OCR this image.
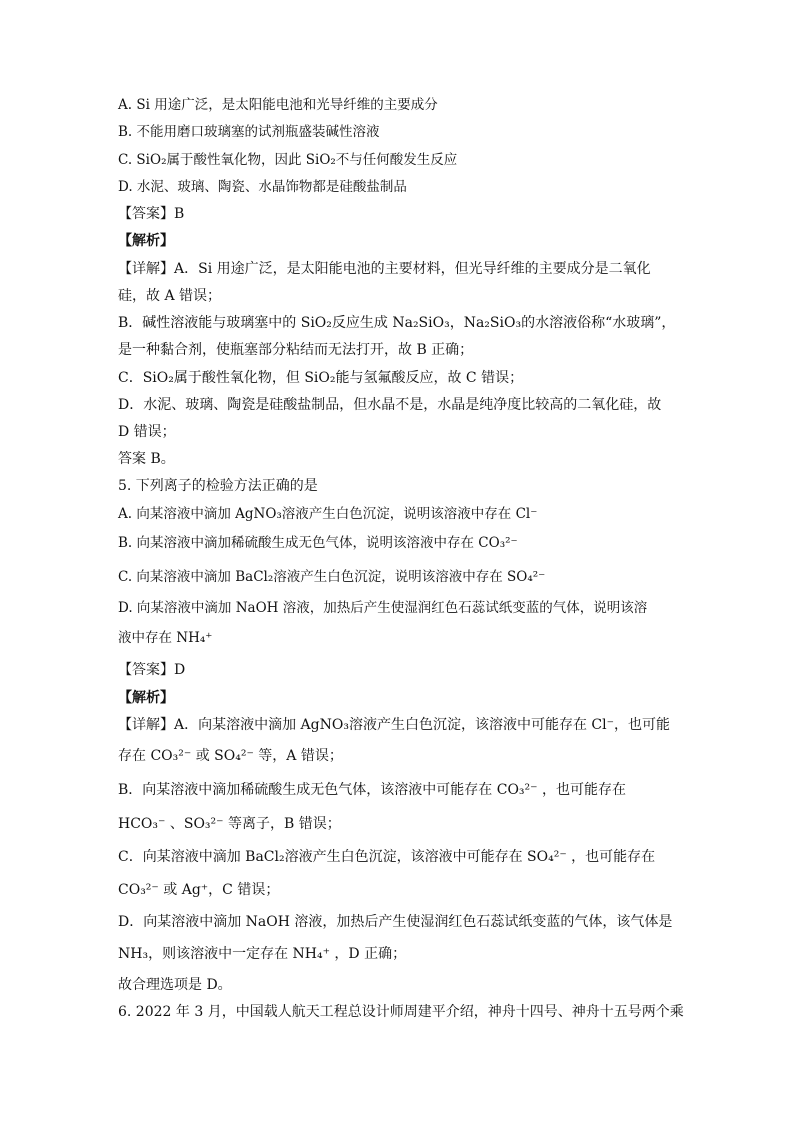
A. Si 用途广泛，是太阳能电池和光导纤维的主要成分
B. 不能用磨口玻璃塞的试剂瓶盛装碱性溶液
C. SiO₂属于酸性氧化物，因此 SiO₂不与任何酸发生反应
D. 水泥、玻璃、陶瓷、水晶饰物都是硅酸盐制品
【答案】B
【解析】
【详解】A．Si 用途广泛，是太阳能电池的主要材料，但光导纤维的主要成分是二氧化
硅，故 A 错误；
B．碱性溶液能与玻璃塞中的 SiO₂反应生成 Na₂SiO₃，Na₂SiO₃的水溶液俗称“水玻璃”，
是一种黏合剂，使瓶塞部分粘结而无法打开，故 B 正确；
C．SiO₂属于酸性氧化物，但 SiO₂能与氢氟酸反应，故 C 错误；
D．水泥、玻璃、陶瓷是硅酸盐制品，但水晶不是，水晶是纯净度比较高的二氧化硅，故
D 错误；
答案 B。
5. 下列离子的检验方法正确的是
A. 向某溶液中滴加 AgNO₃溶液产生白色沉淀，说明该溶液中存在 Cl⁻
B. 向某溶液中滴加稀硫酸生成无色气体，说明该溶液中存在 CO₃²⁻
C. 向某溶液中滴加 BaCl₂溶液产生白色沉淀，说明该溶液中存在 SO₄²⁻
D. 向某溶液中滴加 NaOH 溶液，加热后产生使湿润红色石蕊试纸变蓝的气体，说明该溶
液中存在 NH₄⁺
【答案】D
【解析】
【详解】A．向某溶液中滴加 AgNO₃溶液产生白色沉淀，该溶液中可能存在 Cl⁻，也可能
存在 CO₃²⁻ 或 SO₄²⁻ 等，A 错误；
B．向某溶液中滴加稀硫酸生成无色气体，该溶液中可能存在 CO₃²⁻ ，也可能存在
HCO₃⁻ 、SO₃²⁻ 等离子，B 错误；
C．向某溶液中滴加 BaCl₂溶液产生白色沉淀，该溶液中可能存在 SO₄²⁻ ，也可能存在
CO₃²⁻ 或 Ag⁺，C 错误；
D．向某溶液中滴加 NaOH 溶液，加热后产生使湿润红色石蕊试纸变蓝的气体，该气体是
NH₃，则该溶液中一定存在 NH₄⁺ ，D 正确；
故合理选项是 D。
6. 2022 年 3 月，中国载人航天工程总设计师周建平介绍，神舟十四号、神舟十五号两个乘
